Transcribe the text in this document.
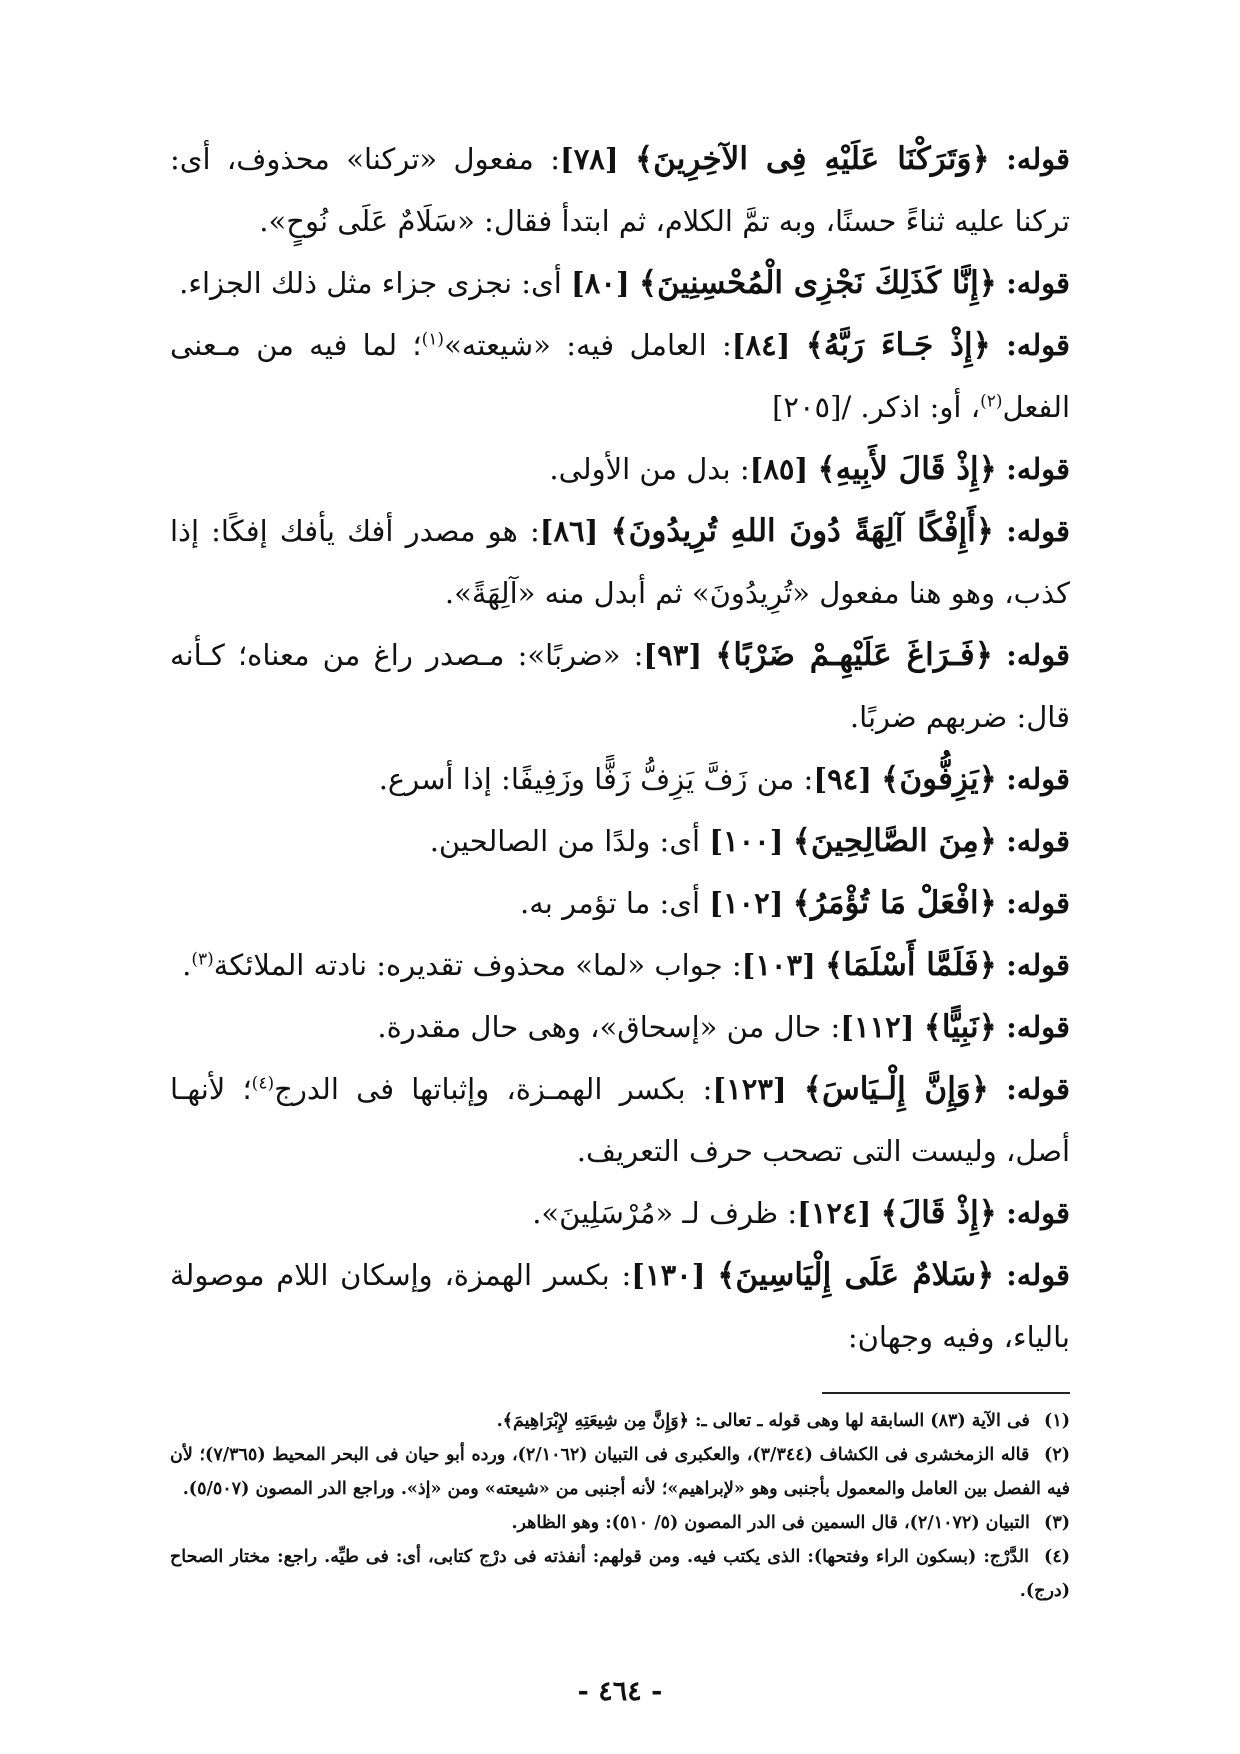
قوله: ﴿وَتَرَكْنَا عَلَيْهِ فِى الآخِرِينَ﴾ [٧٨]: مفعول «تركنا» محذوف، أى: تركنا عليه ثناءً حسنًا، وبه تمَّ الكلام، ثم ابتدأ فقال: «سَلَامٌ عَلَى نُوحٍ».

قوله: ﴿إِنَّا كَذَلِكَ نَجْزِى الْمُحْسِنِينَ﴾ [٨٠] أى: نجزى جزاء مثل ذلك الجزاء.

قوله: ﴿إِذْ جَـاءَ رَبَّهُ﴾ [٨٤]: العامل فيه: «شيعته»$^{(١)}$؛ لما فيه من مـعنى الفعل$^{(٢)}$، أو: اذكر. /[٢٠٥]

قوله: ﴿إِذْ قَالَ لأَبِيهِ﴾ [٨٥]: بدل من الأولى.

قوله: ﴿أَإِفْكًا آلِهَةً دُونَ اللهِ تُرِيدُونَ﴾ [٨٦]: هو مصدر أفك يأفك إفكًا: إذا كذب، وهو هنا مفعول «تُرِيدُونَ» ثم أبدل منه «آلِهَةً».

قوله: ﴿فَـرَاغَ عَلَيْهِـمْ ضَرْبًا﴾ [٩٣]: «ضربًا»: مـصدر راغ من معناه؛ كـأنه قال: ضربهم ضربًا.

قوله: ﴿يَزِفُّونَ﴾ [٩٤]: من زَفَّ يَزِفُّ زَفًّا وزَفِيفًا: إذا أسرع.

قوله: ﴿مِنَ الصَّالِحِينَ﴾ [١٠٠] أى: ولدًا من الصالحين.

قوله: ﴿افْعَلْ مَا تُؤْمَرُ﴾ [١٠٢] أى: ما تؤمر به.

قوله: ﴿فَلَمَّا أَسْلَمَا﴾ [١٠٣]: جواب «لما» محذوف تقديره: نادته الملائكة$^{(٣)}$.

قوله: ﴿نَبِيًّا﴾ [١١٢]: حال من «إسحاق»، وهى حال مقدرة.

قوله: ﴿وَإِنَّ إِلْـيَاسَ﴾ [١٢٣]: بكسر الهمـزة، وإثباتها فى الدرج$^{(٤)}$؛ لأنهـا أصل، وليست التى تصحب حرف التعريف.

قوله: ﴿إِذْ قَالَ﴾ [١٢٤]: ظرف لـ «مُرْسَلِينَ».

قوله: ﴿سَلامٌ عَلَى إِلْيَاسِينَ﴾ [١٣٠]: بكسر الهمزة، وإسكان اللام موصولة بالياء، وفيه وجهان:

(١) فى الآية (٨٣) السابقة لها وهى قوله ـ تعالى ـ: ﴿وَإِنَّ مِن شِيعَتِهِ لإِبْرَاهِيمَ﴾.

(٢) قاله الزمخشرى فى الكشاف (٣/٣٤٤)، والعكبرى فى التبيان (٢/١٠٦٢)، ورده أبو حيان فى البحر المحيط (٧/٣٦٥)؛ لأن فيه الفصل بين العامل والمعمول بأجنبى وهو «لإبراهيم»؛ لأنه أجنبى من «شيعته» ومن «إذ». وراجع الدر المصون (٥/٥٠٧).

(٣) التبيان (٢/١٠٧٢)، قال السمين فى الدر المصون (٥/ ٥١٠): وهو الظاهر.

(٤) الدَّرْج: (بسكون الراء وفتحها): الذى يكتب فيه. ومن قولهم: أنفذته فى درْج كتابى، أى: فى طيِّه. راجع: مختار الصحاح (درج).

- ٤٦٤ -
